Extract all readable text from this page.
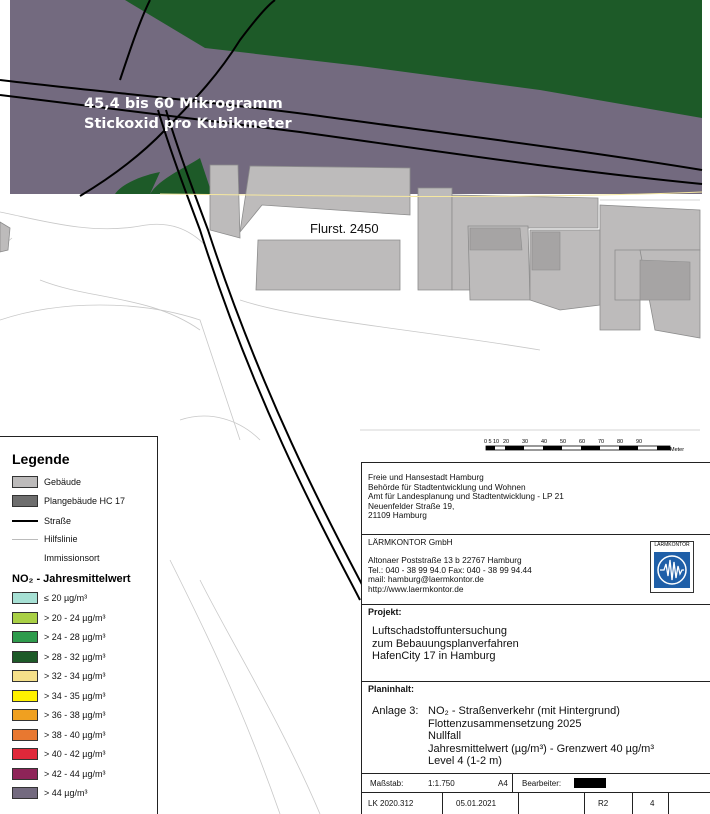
45,4 bis 60 Mikrogramm
Stickoxid pro Kubikmeter
Flurst. 2450
0 5 10 20 30 40 50 60 70 80 90
Meter
Legende
Gebäude
Plangebäude HC 17
Straße
Hilfslinie
Immissionsort
NO₂ - Jahresmittelwert
≤ 20 µg/m³
> 20 - 24 µg/m³
> 24 - 28 µg/m³
> 28 - 32 µg/m³
> 32 - 34 µg/m³
> 34 - 35 µg/m³
> 36 - 38 µg/m³
> 38 - 40 µg/m³
> 40 - 42 µg/m³
> 42 - 44 µg/m³
> 44 µg/m³
Freie und Hansestadt Hamburg
Behörde für Stadtentwicklung und Wohnen
Amt für Landesplanung und Stadtentwicklung - LP 21
Neuenfelder Straße 19,
21109 Hamburg
LÄRMKONTOR GmbH
Altonaer Poststraße 13 b 22767 Hamburg
Tel.: 040 - 38 99 94.0 Fax: 040 - 38 99 94.44
mail: hamburg@laermkontor.de
http://www.laermkontor.de
LÄRMKONTOR
Projekt:
Luftschadstoffuntersuchung
zum Bebauungsplanverfahren
HafenCity 17 in Hamburg
Planinhalt:
Anlage 3: NO₂ - Straßenverkehr (mit Hintergrund)
Flottenzusammensetzung 2025
Nullfall
Jahresmittelwert (µg/m³) - Grenzwert 40 µg/m³
Level 4 (1-2 m)
Maßstab:	1:1.750	A4 Bearbeiter:
LK 2020.312	05.01.2021	R2	4
